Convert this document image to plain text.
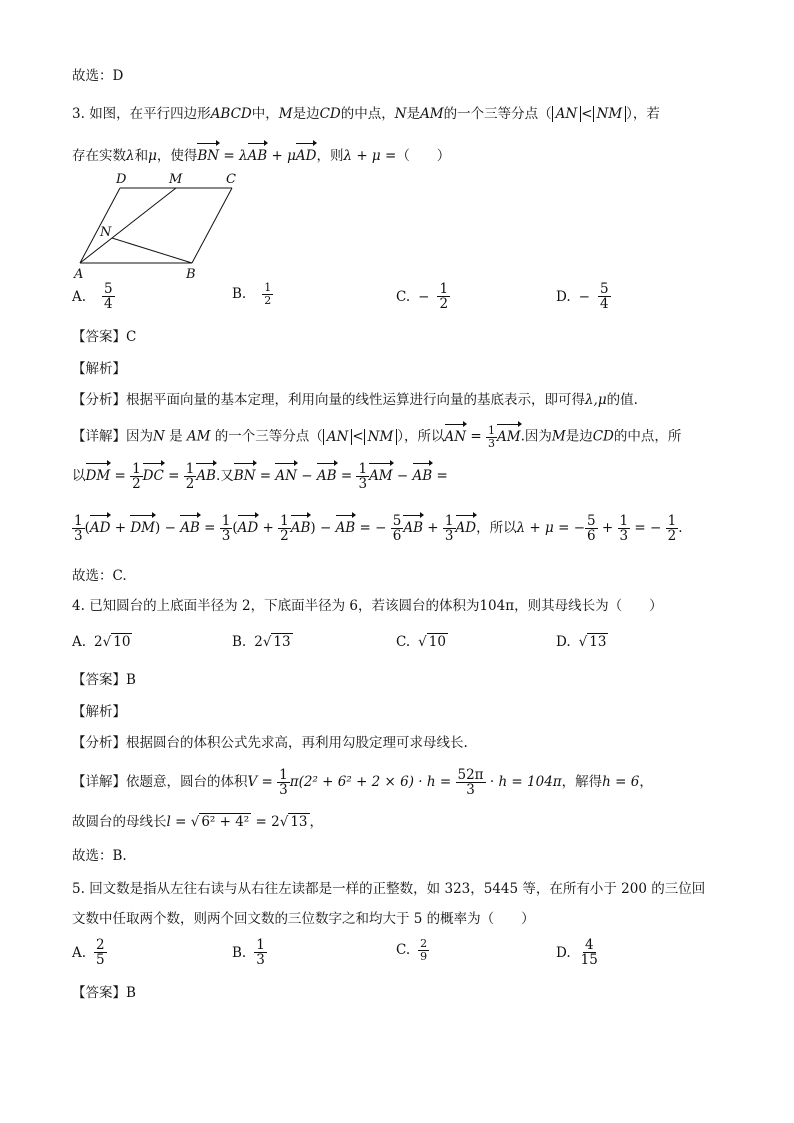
故选：D
3. 如图，在平行四边形ABCD中，M是边CD的中点，N是AM的一个三等分点（ AN < NM ），若
存在实数λ和μ，使得BN = λAB + μAD，则λ + μ =（　　）
D	M	C
N
A	B
A. $\frac{5}{4}$	B. $\frac{1}{2}$	C. − $\frac{1}{2}$	D. − $\frac{5}{4}$
【答案】C
【解析】
【分析】根据平面向量的基本定理，利用向量的线性运算进行向量的基底表示，即可得λ,μ的值.
【详解】因为N 是 AM 的一个三等分点（ AN < NM ），所以AN = $\frac{1}{3}$ AM.因为M是边CD的中点，所
以DM = $\frac{1}{2}$ DC = $\frac{1}{2}$ AB.又BN = AN − AB = $\frac{1}{3}$ AM − AB =
$\frac{1}{3} (AD + DM)$ − AB = $\frac{1}{3} (AD + \frac{1}{2} AB)$ − AB = − $\frac{5}{6}$ AB + $\frac{1}{3}$ AD，所以λ + μ = − $\frac{5}{6} + \frac{1}{3}$ = − $\frac{1}{2}$ .
故选：C.
4. 已知圆台的上底面半径为 2，下底面半径为 6，若该圆台的体积为104π，则其母线长为（　　）
A. 2√ 10	B. 2√ 13	C. √ 10	D. √ 13
【答案】B
【解析】
【分析】根据圆台的体积公式先求高，再利用勾股定理可求母线长.
【详解】依题意，圆台的体积$V = \frac{1}{3} \pi(2^2 + 6^2 + 2 \times 6) \cdot h = \frac{52\pi}{3} \cdot h = 104\pi$，解得h = 6，
故圆台的母线长l = √ 6² + 4² = 2√ 13 ，
故选：B.
5. 回文数是指从左往右读与从右往左读都是一样的正整数，如 323，5445 等，在所有小于 200 的三位回
文数中任取两个数，则两个回文数的三位数字之和均大于 5 的概率为（　　）
A. $\frac{2}{5}$	B. $\frac{1}{3}$	C. $\frac{2}{9}$	D. $\frac{4}{15}$
【答案】B
